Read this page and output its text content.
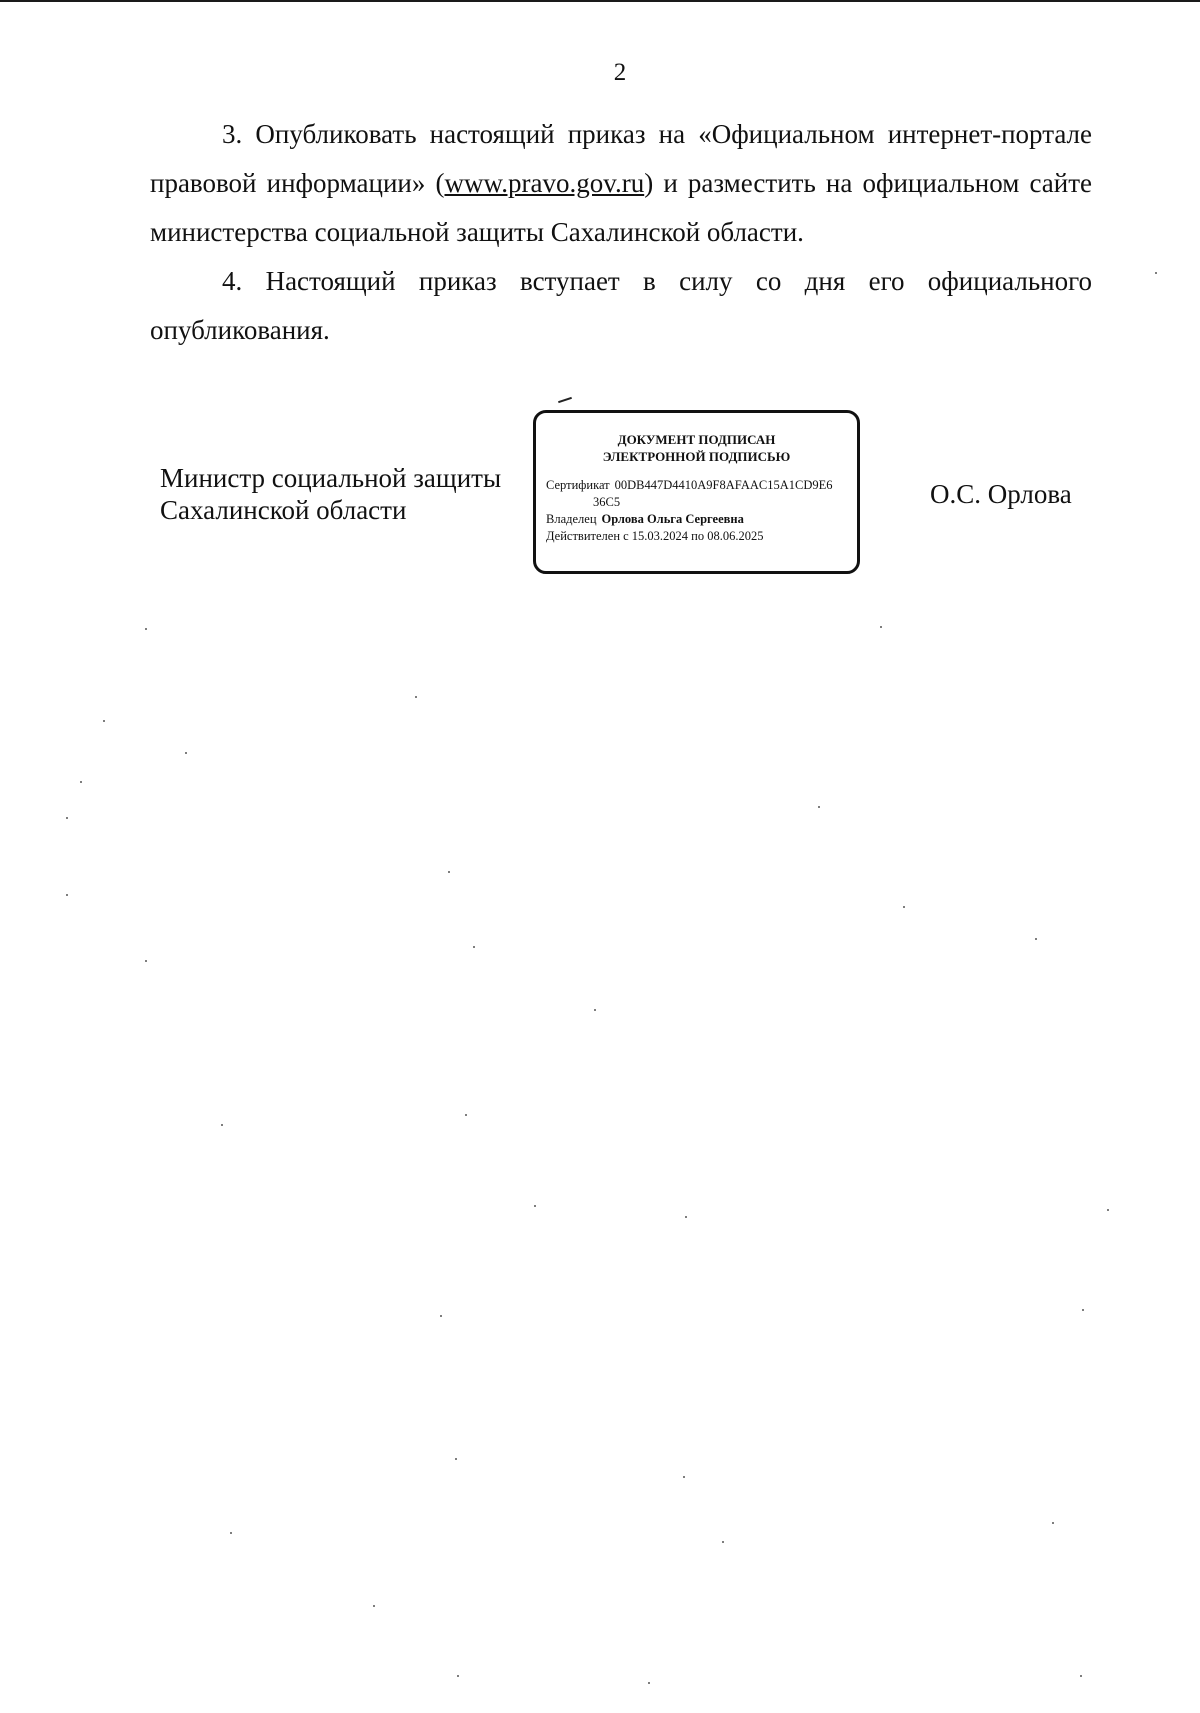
2
3. Опубликовать настоящий приказ на «Официальном интернет-портале правовой информации» (www.pravo.gov.ru) и разместить на официальном сайте министерства социальной защиты Сахалинской области.
4. Настоящий приказ вступает в силу со дня его официального опубликования.
Министр социальной защиты
Сахалинской области
ДОКУМЕНТ ПОДПИСАН
ЭЛЕКТРОННОЙ ПОДПИСЬЮ
Сертификат 00DB447D4410A9F8AFAAC15A1CD9E6
36C5
Владелец Орлова Ольга Сергеевна
Действителен с 15.03.2024 по 08.06.2025
О.С. Орлова
